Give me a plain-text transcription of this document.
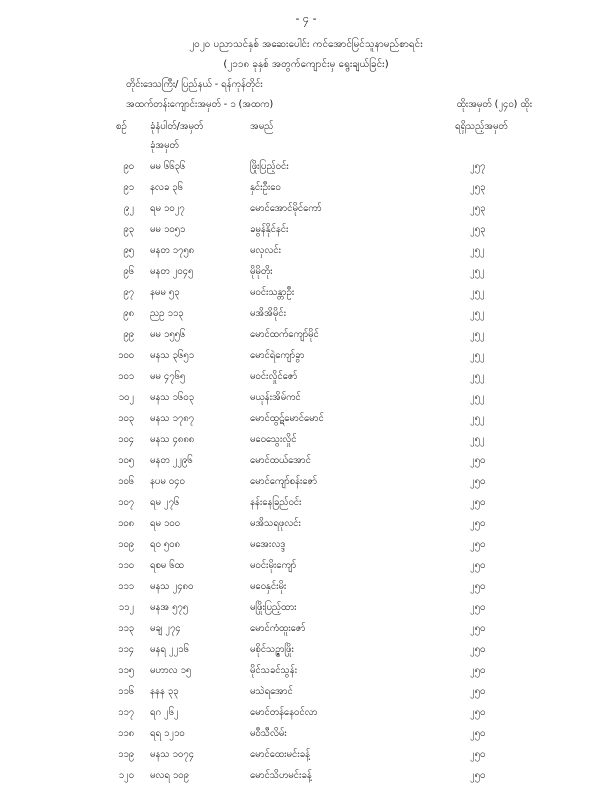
- ၄ -
၂၀၂၀ ပညာသင်နှစ် အဆေးပေါင်း ကင်အောင်မြင်သူနာမည်စာရင်း
(၂၁၁၈ ခုနှစ် အတွက်ကျောင်းမှ ရွေးချယ်ခြင်း)
တိုင်းဒေသကြီး/ ပြည်နယ် - ရန်ကုန်တိုင်း
အထက်တန်းကျောင်းအမှတ် - ၁ (အထက)	ထိုးအမှတ် (၂၄၀) ထိုး
စဉ် ခုံနံပါတ်/အမှတ်	အမည်	ရရှိသည့်အမှတ်
ခုံအမှတ်
၉၀ မမ ၆၆၃၆	ဖြိုးပြည့်ဝင်း	၂၅၇
၉၁ နလခ ၃၆	နှင်းဦးဝေ	၂၅၃
၉၂ ရမ ၁၀၂၇	မောင်အောင်မိုင်ကော်	၂၅၃
၉၃ မမ ၁၀၅၁	ခမွန်နိုင်နင်း	၂၅၃
၉၅ မနတ ၁၇၅၈	မလှလင်း	၂၅၂
၉၆ မနတ ၂၀၄၅	မိုမိုတိုး	၂၅၂
၉၇ နမမ ၅၃	မဝင်းသန္တာဦး	၂၅၂
၉၈ ညဥ ၁၁၃	မအိအိမိုင်း	၂၅၂
၉၉ မမ ၁၅၅၆	မောင်ထက်ကျော်မိုင်	၂၅၂
၁၀၀ မနသ ၃၆၅၁	မောင်ရဲကျော်ခွာ	၂၅၂
၁၀၁ မမ ၄၇၆၅	မဝင်းလှိုင်ဇော်	၂၅၂
၁၀၂ မနသ ၁၆၀၃	မယုန်းအိမ်ကင်	၂၅၂
၁၀၃ မနသ ၁၇၈၇	မောင်ထွဋ်မောင်မောင်	၂၅၂
၁၀၄ မနသ ၄၈၈၈	မဝေသွေးလှိုင်	၂၅၂
၁၀၅ မနတ ၂၂၉၆	မောင်ထယ်အောင်	၂၅၀
၁၀၆ နပမ ၀၄၀	မောင်ကျော်စန်းဇော်	၂၅၀
၁၀၇ ရမ ၂၇၆	နန်းနေခြည်ဝင်း	၂၅၀
၁၀၈ ရမ ၁၀၀	မအိသရဖုလင်း	၂၅၀
၁၀၉ ရဝ ၅၀၈	မအေးလဒ္ဒ	၂၅၀
၁၁၀ ရစမ ၆ထ	မဝင်းမိုးကျော်	၂၅၀
၁၁၁ မနသ ၂၄၈၀	မဝေနှင်းမိုး	၂၅၀
၁၁၂ မနအ ၅၇၅	မဖြိုးပြည့်ထား	၂၅၀
၁၁၃ မချ ၂၇၄	မောင်ကံထူးဇော်	၂၅၀
၁၁၄ မနရ ၂၂၁၆	မစိုင်သဉ္ဇာဖြိုး	၂၅၀
၁၁၅ မဟာလ ၁၅	မိုင်သခင်သွန်း	၂၅၀
၁၁၆ နနန ၃၃	မသဲရအောင်	၂၅၀
၁၁၇ ရဂ ၂၆၂	မောင်တန်နေဝင်လာ	၂၅၀
၁၁၈ ရရ ၁၂၁၀	မဝီသီလိမ်း	၂၅၀
၁၁၉ မနသ ၁၀၇၄	မောင်ထေးမင်းခန့်	၂၅၀
၁၂၀ မလရ ၁၀၉	မောင်သိဟမင်းခန့်	၂၅၀
